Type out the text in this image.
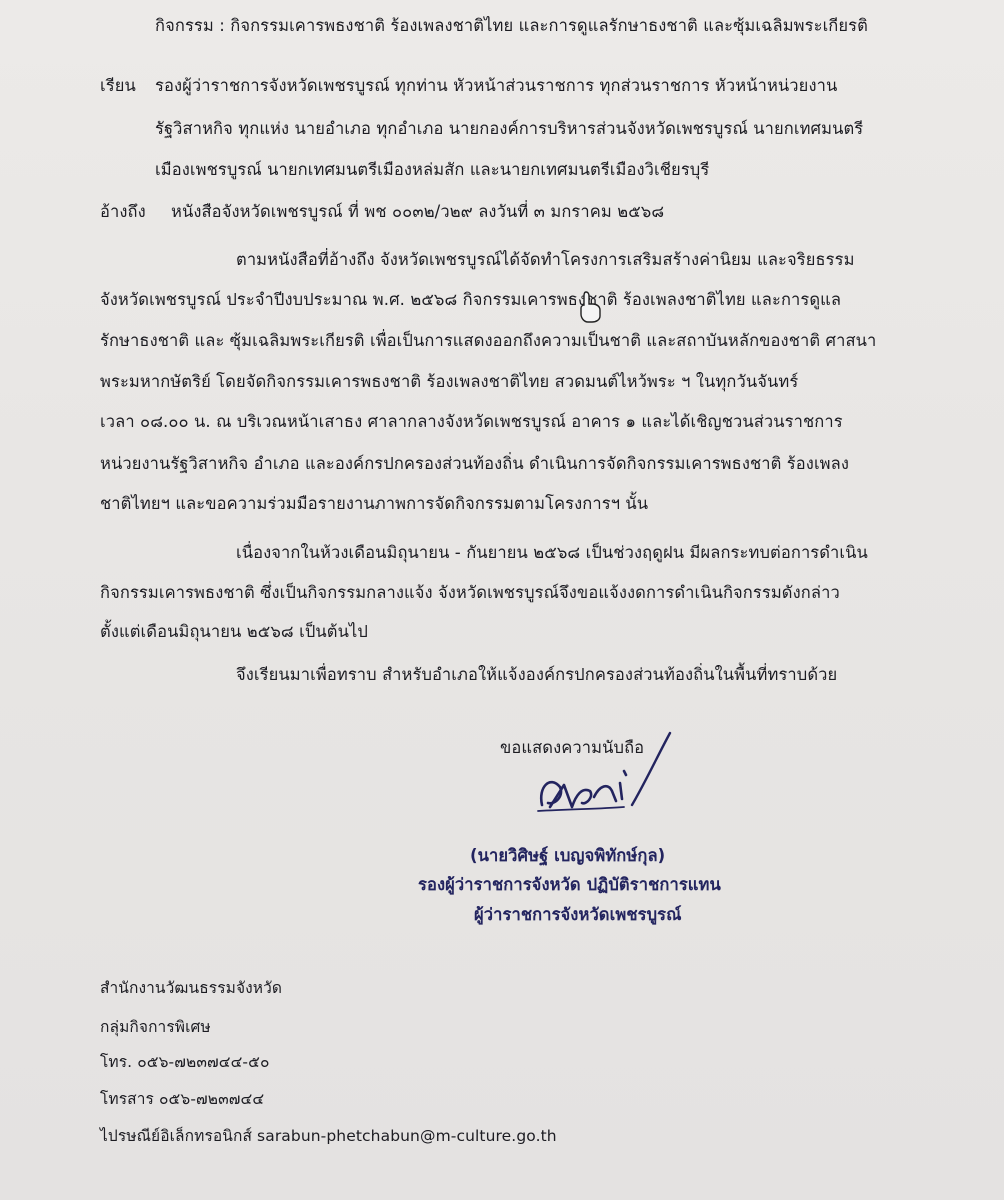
กิจกรรม : กิจกรรมเคารพธงชาติ ร้องเพลงชาติไทย และการดูแลรักษาธงชาติ และซุ้มเฉลิมพระเกียรติ
เรียน รองผู้ว่าราชการจังหวัดเพชรบูรณ์ ทุกท่าน หัวหน้าส่วนราชการ ทุกส่วนราชการ หัวหน้าหน่วยงาน
รัฐวิสาหกิจ ทุกแห่ง นายอำเภอ ทุกอำเภอ นายกองค์การบริหารส่วนจังหวัดเพชรบูรณ์ นายกเทศมนตรี
เมืองเพชรบูรณ์ นายกเทศมนตรีเมืองหล่มสัก และนายกเทศมนตรีเมืองวิเชียรบุรี
อ้างถึง หนังสือจังหวัดเพชรบูรณ์ ที่ พช ๐๐๓๒/ว๒๙ ลงวันที่ ๓ มกราคม ๒๕๖๘
ตามหนังสือที่อ้างถึง จังหวัดเพชรบูรณ์ได้จัดทำโครงการเสริมสร้างค่านิยม และจริยธรรม
จังหวัดเพชรบูรณ์ ประจำปีงบประมาณ พ.ศ. ๒๕๖๘ กิจกรรมเคารพธงชาติ ร้องเพลงชาติไทย และการดูแล
รักษาธงชาติ และ ซุ้มเฉลิมพระเกียรติ เพื่อเป็นการแสดงออกถึงความเป็นชาติ และสถาบันหลักของชาติ ศาสนา
พระมหากษัตริย์ โดยจัดกิจกรรมเคารพธงชาติ ร้องเพลงชาติไทย สวดมนต์ไหว้พระ ฯ ในทุกวันจันทร์
เวลา ๐๘.๐๐ น. ณ บริเวณหน้าเสาธง ศาลากลางจังหวัดเพชรบูรณ์ อาคาร ๑ และได้เชิญชวนส่วนราชการ
หน่วยงานรัฐวิสาหกิจ อำเภอ และองค์กรปกครองส่วนท้องถิ่น ดำเนินการจัดกิจกรรมเคารพธงชาติ ร้องเพลง
ชาติไทยฯ และขอความร่วมมือรายงานภาพการจัดกิจกรรมตามโครงการฯ นั้น
เนื่องจากในห้วงเดือนมิถุนายน - กันยายน ๒๕๖๘ เป็นช่วงฤดูฝน มีผลกระทบต่อการดำเนิน
กิจกรรมเคารพธงชาติ ซึ่งเป็นกิจกรรมกลางแจ้ง จังหวัดเพชรบูรณ์จึงขอแจ้งงดการดำเนินกิจกรรมดังกล่าว
ตั้งแต่เดือนมิถุนายน ๒๕๖๘ เป็นต้นไป
จึงเรียนมาเพื่อทราบ สำหรับอำเภอให้แจ้งองค์กรปกครองส่วนท้องถิ่นในพื้นที่ทราบด้วย
ขอแสดงความนับถือ
(นายวิศิษฐ์ เบญจพิทักษ์กุล)
รองผู้ว่าราชการจังหวัด ปฏิบัติราชการแทน
ผู้ว่าราชการจังหวัดเพชรบูรณ์
สำนักงานวัฒนธรรมจังหวัด
กลุ่มกิจการพิเศษ
โทร. ๐๕๖-๗๒๓๗๔๔-๕๐
โทรสาร ๐๕๖-๗๒๓๗๔๔
ไปรษณีย์อิเล็กทรอนิกส์ sarabun-phetchabun@m-culture.go.th
